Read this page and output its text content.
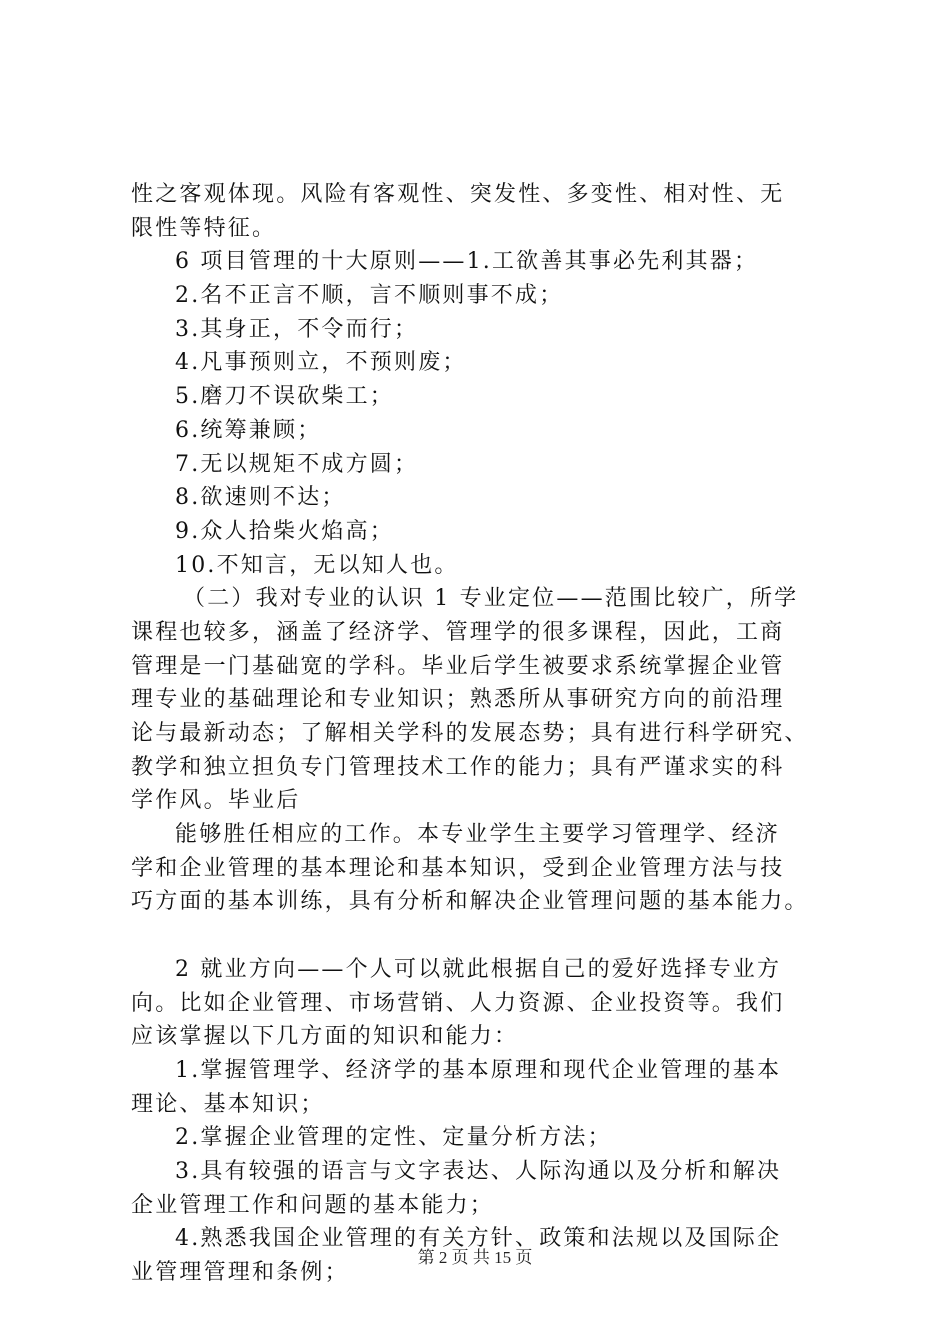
性之客观体现。风险有客观性、突发性、多变性、相对性、无
限性等特征。
6 项目管理的十大原则——1.工欲善其事必先利其器；
2.名不正言不顺，言不顺则事不成；
3.其身正，不令而行；
4.凡事预则立，不预则废；
5.磨刀不误砍柴工；
6.统筹兼顾；
7.无以规矩不成方圆；
8.欲速则不达；
9.众人拾柴火焰高；
10.不知言，无以知人也。
（二）我对专业的认识 1 专业定位——范围比较广，所学
课程也较多，涵盖了经济学、管理学的很多课程，因此，工商
管理是一门基础宽的学科。毕业后学生被要求系统掌握企业管
理专业的基础理论和专业知识；熟悉所从事研究方向的前沿理
论与最新动态；了解相关学科的发展态势；具有进行科学研究、
教学和独立担负专门管理技术工作的能力；具有严谨求实的科
学作风。毕业后
能够胜任相应的工作。本专业学生主要学习管理学、经济
学和企业管理的基本理论和基本知识，受到企业管理方法与技
巧方面的基本训练，具有分析和解决企业管理问题的基本能力。
2 就业方向——个人可以就此根据自己的爱好选择专业方
向。比如企业管理、市场营销、人力资源、企业投资等。我们
应该掌握以下几方面的知识和能力：
1.掌握管理学、经济学的基本原理和现代企业管理的基本
理论、基本知识；
2.掌握企业管理的定性、定量分析方法；
3.具有较强的语言与文字表达、人际沟通以及分析和解决
企业管理工作和问题的基本能力；
4.熟悉我国企业管理的有关方针、政策和法规以及国际企
业管理管理和条例；
第 2 页 共 15 页
